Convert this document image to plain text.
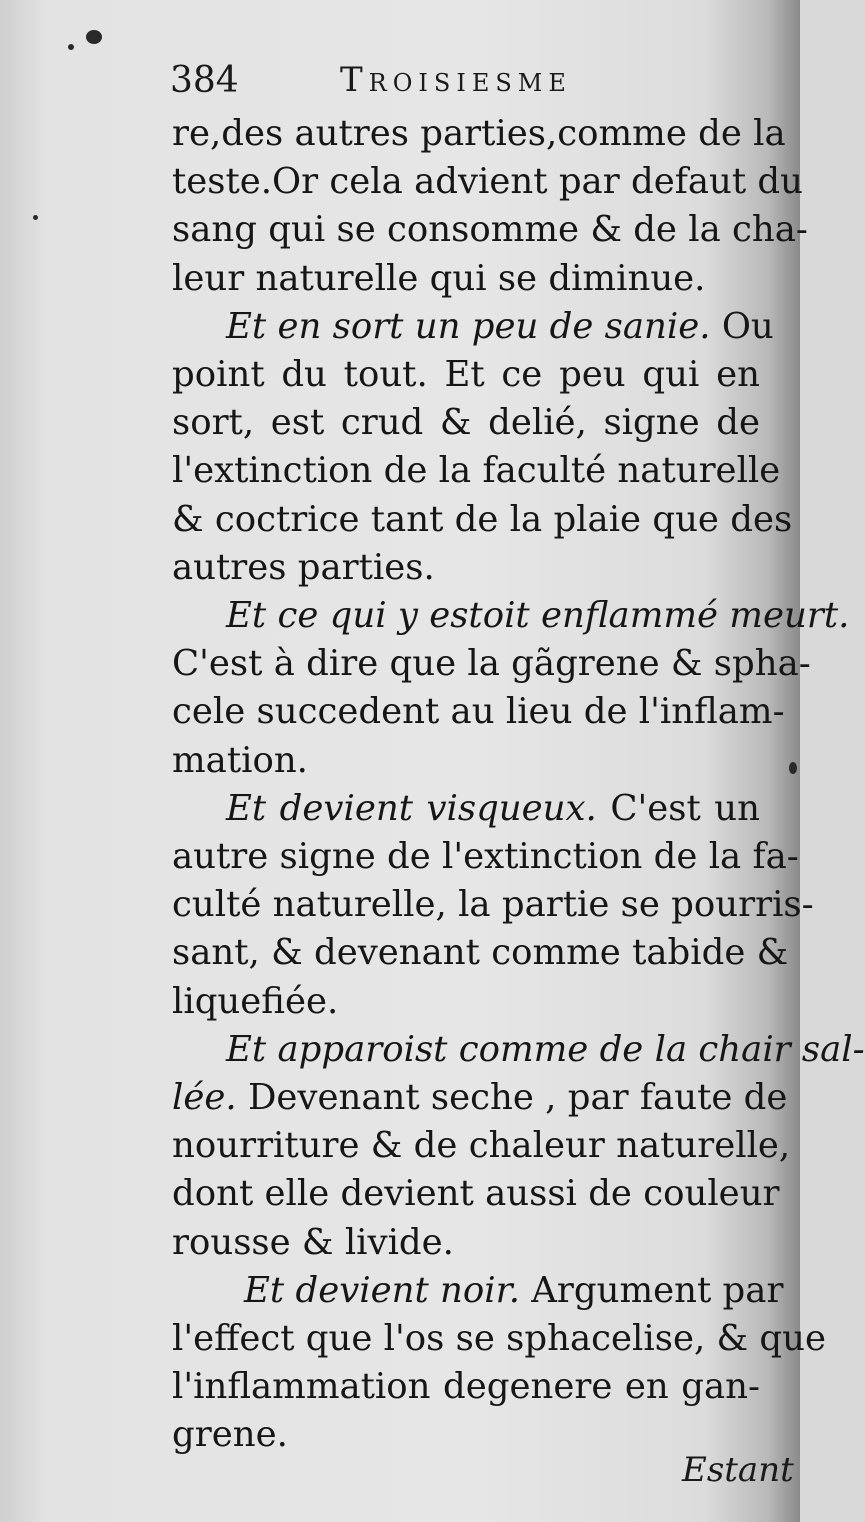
384	Troisiesme
re,des autres parties,comme de la
teste.Or cela advient par defaut du
sang qui se consomme & de la cha-
leur naturelle qui se diminue.
Et en sort un peu de sanie. Ou
point du tout. Et ce peu qui en
sort, est crud & delié, signe de
l'extinction de la faculté naturelle
& coctrice tant de la plaie que des
autres parties.
Et ce qui y estoit enflammé meurt.
C'est à dire que la gãgrene & spha-
cele succedent au lieu de l'inflam-
mation.
Et devient visqueux. C'est un
autre signe de l'extinction de la fa-
culté naturelle, la partie se pourris-
sant, & devenant comme tabide &
liquefiée.
Et apparoist comme de la chair sal-
lée. Devenant seche , par faute de
nourriture & de chaleur naturelle,
dont elle devient aussi de couleur
rousse & livide.
Et devient noir. Argument par
l'effect que l'os se sphacelise, & que
l'inflammation degenere en gan-
grene.
Estant
